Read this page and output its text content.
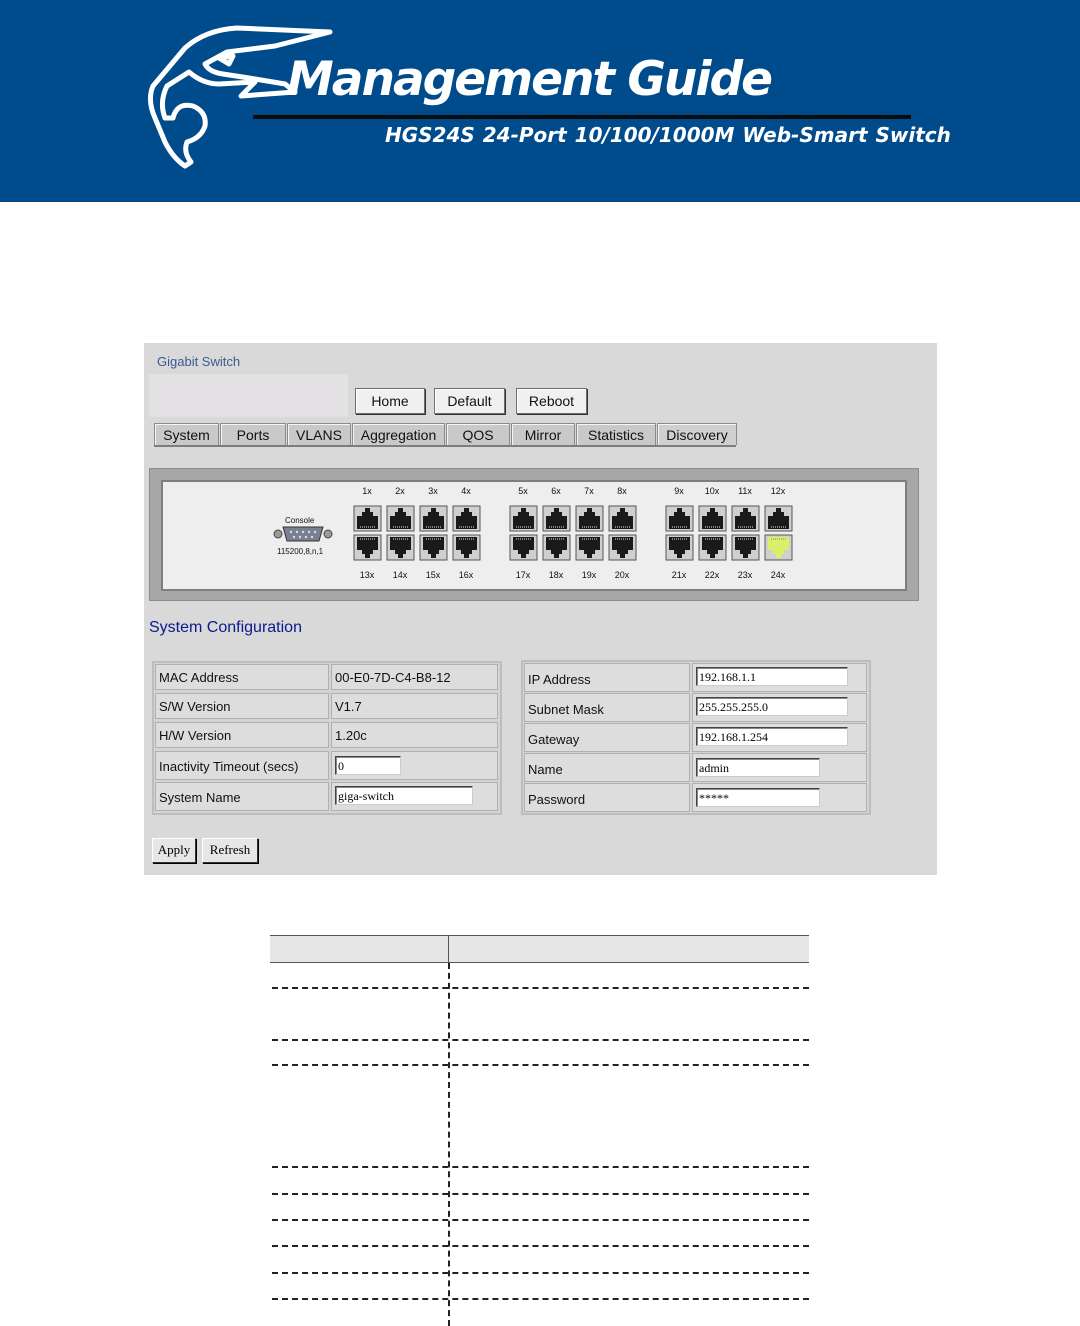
Management Guide
HGS24S 24-Port 10/100/1000M Web-Smart Switch
Gigabit Switch
Home	Default	Reboot
System	Ports	VLANS	Aggregation	QOS	Mirror	Statistics	Discovery
Console
115200,8,n,1
1x
13x
2x
14x
3x
15x
4x
16x
5x
17x
6x
18x
7x
19x
8x
20x
9x
21x
10x
22x
11x
23x
12x
24x
System Configuration
MAC Address	00-E0-7D-C4-B8-12
S/W Version	V1.7
H/W Version	1.20c
Inactivity Timeout (secs)	0
System Name	giga-switch
IP Address	192.168.1.1
Subnet Mask	255.255.255.0
Gateway	192.168.1.254
Name	admin
Password	*****
Apply	Refresh
